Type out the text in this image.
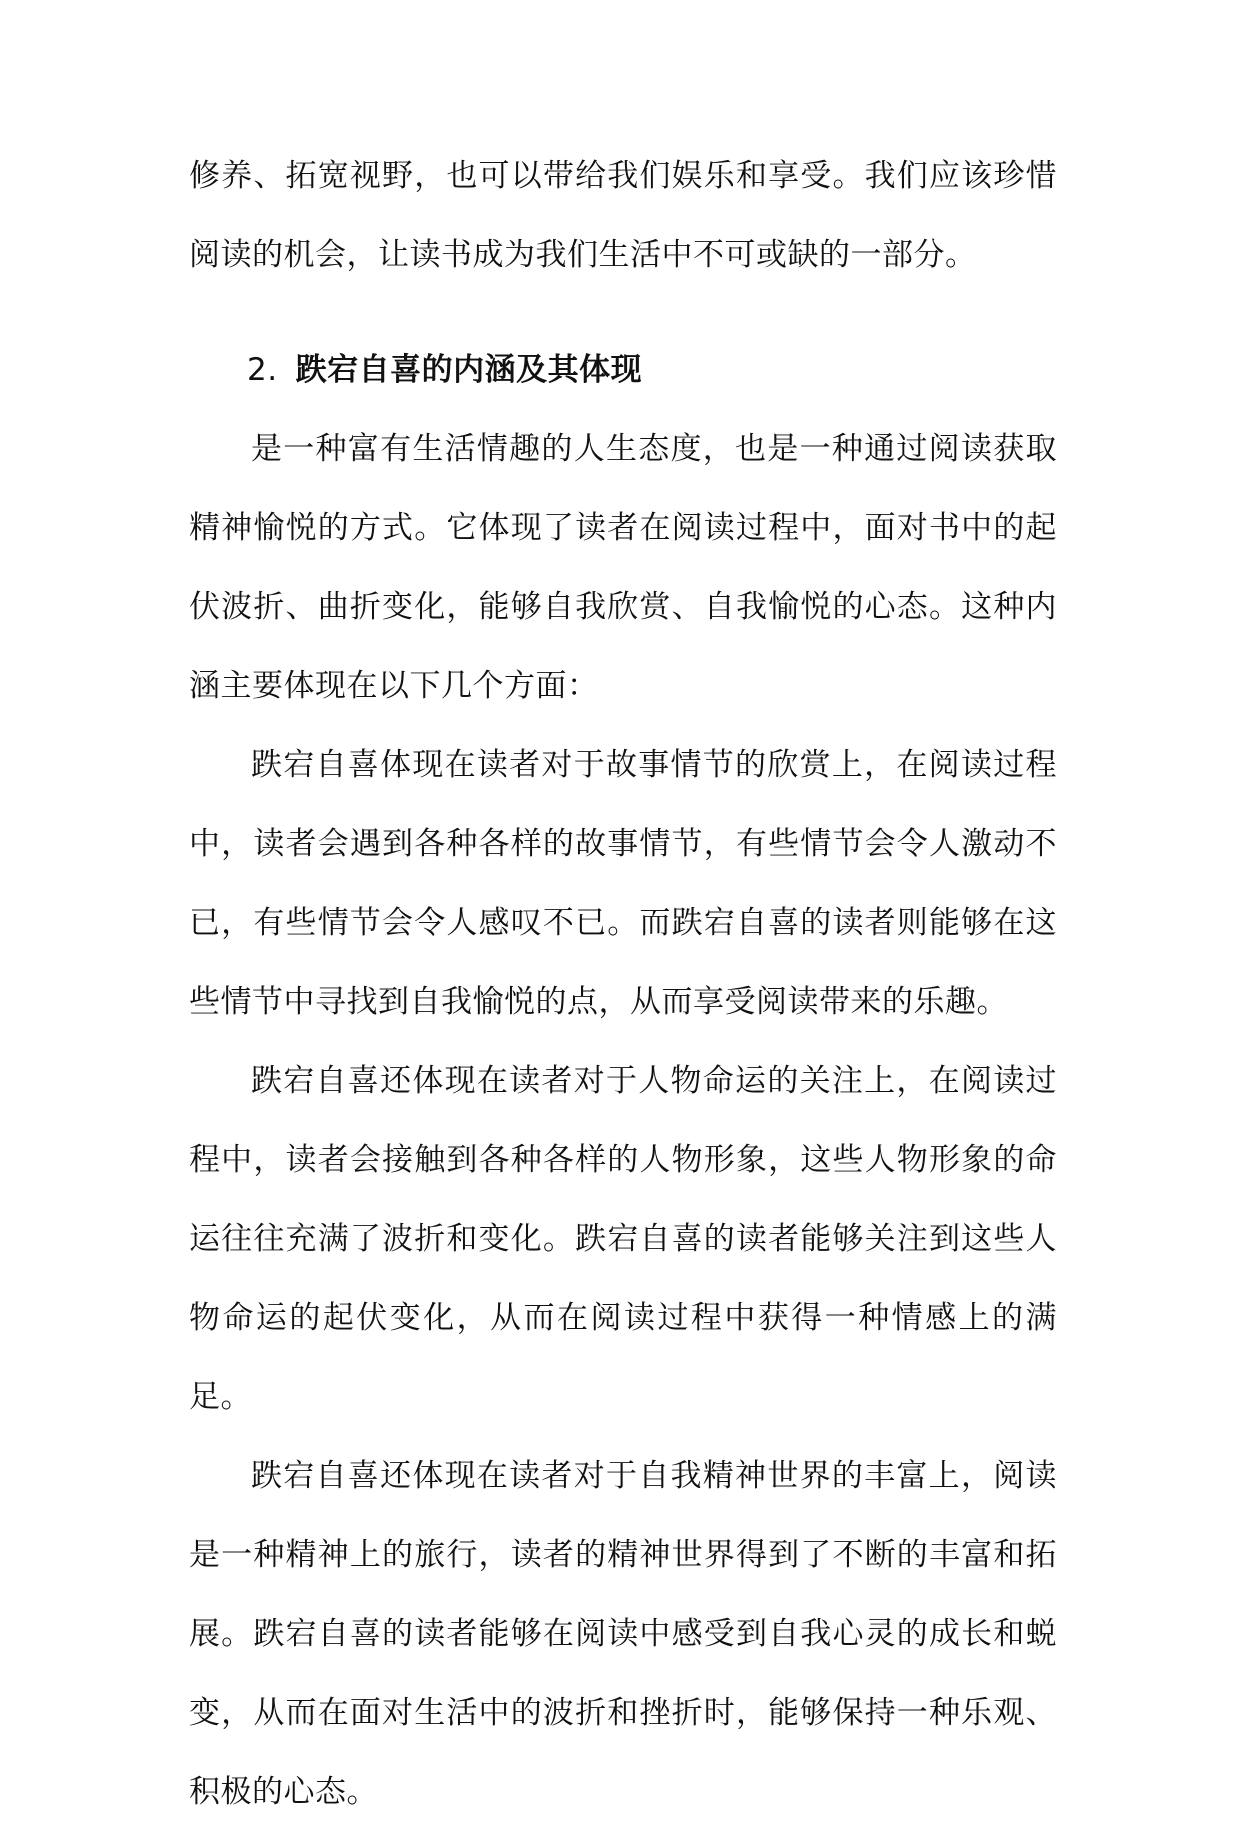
修养、拓宽视野，也可以带给我们娱乐和享受。我们应该珍惜阅读的机会，让读书成为我们生活中不可或缺的一部分。

2. 跌宕自喜的内涵及其体现

是一种富有生活情趣的人生态度，也是一种通过阅读获取精神愉悦的方式。它体现了读者在阅读过程中，面对书中的起伏波折、曲折变化，能够自我欣赏、自我愉悦的心态。这种内涵主要体现在以下几个方面：

跌宕自喜体现在读者对于故事情节的欣赏上，在阅读过程中，读者会遇到各种各样的故事情节，有些情节会令人激动不已，有些情节会令人感叹不已。而跌宕自喜的读者则能够在这些情节中寻找到自我愉悦的点，从而享受阅读带来的乐趣。

跌宕自喜还体现在读者对于人物命运的关注上，在阅读过程中，读者会接触到各种各样的人物形象，这些人物形象的命运往往充满了波折和变化。跌宕自喜的读者能够关注到这些人物命运的起伏变化，从而在阅读过程中获得一种情感上的满足。

跌宕自喜还体现在读者对于自我精神世界的丰富上，阅读是一种精神上的旅行，读者的精神世界得到了不断的丰富和拓展。跌宕自喜的读者能够在阅读中感受到自我心灵的成长和蜕变，从而在面对生活中的波折和挫折时，能够保持一种乐观、积极的心态。
